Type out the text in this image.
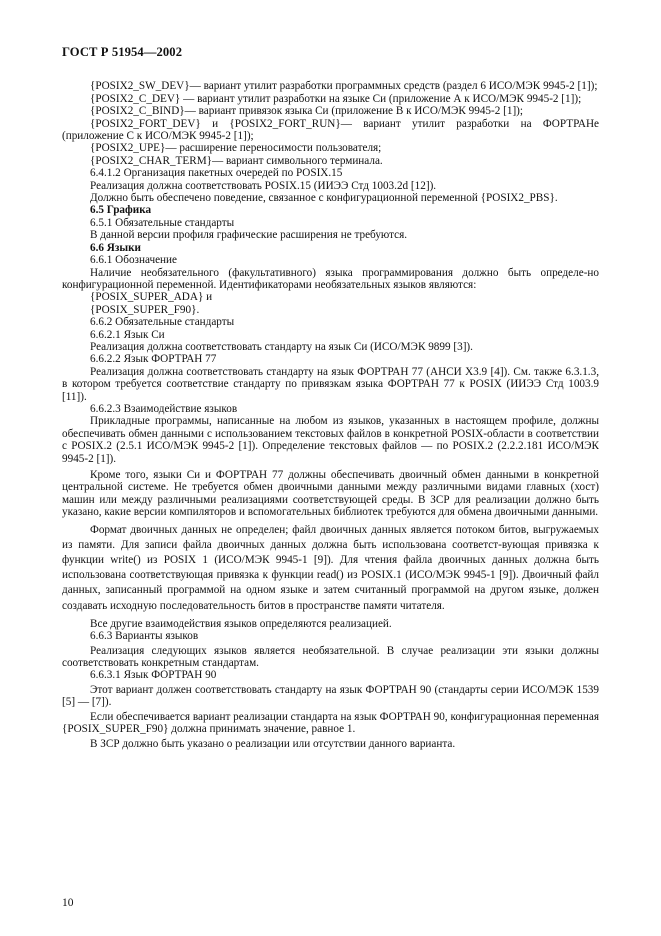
ГОСТ Р 51954—2002

{POSIX2_SW_DEV}— вариант утилит разработки программных средств (раздел 6 ИСО/МЭК 9945-2 [1]);

{POSIX2_C_DEV} — вариант утилит разработки на языке Си (приложение А к ИСО/МЭК 9945-2 [1]);

{POSIX2_C_BIND}— вариант привязок языка Си (приложение В к ИСО/МЭК 9945-2 [1]);

{POSIX2_FORT_DEV} и {POSIX2_FORT_RUN}— вариант утилит разработки на ФОРТРАНе (приложение С к ИСО/МЭК 9945-2 [1]);

{POSIX2_UPE}— расширение переносимости пользователя;

{POSIX2_CHAR_TERM}— вариант символьного терминала.

6.4.1.2 Организация пакетных очередей по POSIX.15

Реализация должна соответствовать POSIX.15 (ИИЭЭ Стд 1003.2d [12]).

Должно быть обеспечено поведение, связанное с конфигурационной переменной {POSIX2_PBS}.

6.5 Графика

6.5.1 Обязательные стандарты

В данной версии профиля графические расширения не требуются.

6.6 Языки

6.6.1 Обозначение

Наличие необязательного (факультативного) языка программирования должно быть определе-но конфигурационной переменной. Идентификаторами необязательных языков являются:

{POSIX_SUPER_ADA} и

{POSIX_SUPER_F90}.

6.6.2 Обязательные стандарты

6.6.2.1 Язык Си

Реализация должна соответствовать стандарту на язык Си (ИСО/МЭК 9899 [3]).

6.6.2.2 Язык ФОРТРАН 77

Реализация должна соответствовать стандарту на язык ФОРТРАН 77 (АНСИ Х3.9 [4]). См. также 6.3.1.3, в котором требуется соответствие стандарту по привязкам языка ФОРТРАН 77 к POSIX (ИИЭЭ Стд 1003.9 [11]).

6.6.2.3 Взаимодействие языков

Прикладные программы, написанные на любом из языков, указанных в настоящем профиле, должны обеспечивать обмен данными с использованием текстовых файлов в конкретной POSIX-области в соответствии с POSIX.2 (2.5.1 ИСО/МЭК 9945-2 [1]). Определение текстовых файлов — по POSIX.2 (2.2.2.181 ИСО/МЭК 9945-2 [1]).

Кроме того, языки Си и ФОРТРАН 77 должны обеспечивать двоичный обмен данными в конкретной центральной системе. Не требуется обмен двоичными данными между различными видами главных (хост) машин или между различными реализациями соответствующей среды. В ЗСР для реализации должно быть указано, какие версии компиляторов и вспомогательных библиотек требуются для обмена двоичными данными.

Формат двоичных данных не определен; файл двоичных данных является потоком битов, выгружаемых из памяти. Для записи файла двоичных данных должна быть использована соответст-вующая привязка к функции write() из POSIX 1 (ИСО/МЭК 9945-1 [9]). Для чтения файла двоичных данных должна быть использована соответствующая привязка к функции read() из POSIX.1 (ИСО/МЭК 9945-1 [9]). Двоичный файл данных, записанный программой на одном языке и затем считанный программой на другом языке, должен создавать исходную последовательность битов в пространстве памяти читателя.

Все другие взаимодействия языков определяются реализацией.

6.6.3 Варианты языков

Реализация следующих языков является необязательной. В случае реализации эти языки должны соответствовать конкретным стандартам.

6.6.3.1 Язык ФОРТРАН 90

Этот вариант должен соответствовать стандарту на язык ФОРТРАН 90 (стандарты серии ИСО/МЭК 1539 [5] — [7]).

Если обеспечивается вариант реализации стандарта на язык ФОРТРАН 90, конфигурационная переменная {POSIX_SUPER_F90} должна принимать значение, равное 1.

В ЗСР должно быть указано о реализации или отсутствии данного варианта.

10
